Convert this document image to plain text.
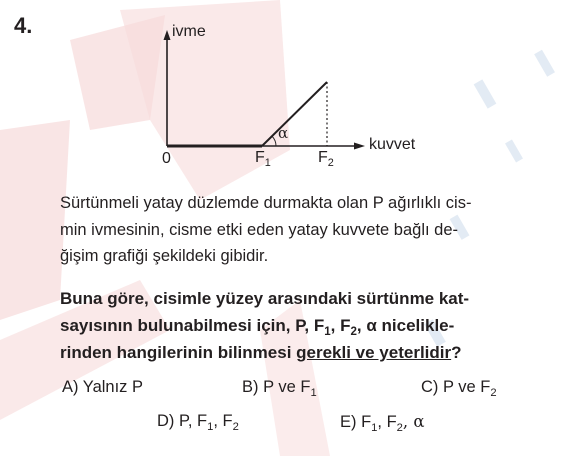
4.	ivme
kuvvet
0	$F_1$	$F_2$
α
Sürtünmeli yatay düzlemde durmakta olan P ağırlıklı cis-
min ivmesinin, cisme etki eden yatay kuvvete bağlı de-
ğişim grafiği şekildeki gibidir.
Buna göre, cisimle yüzey arasındaki sürtünme kat-
sayısının bulunabilmesi için, P, $F_1$, $F_2$, α nicelikle-
rinden hangilerinin bilinmesi gerekli ve yeterlidir?
A) Yalnız P	B) P ve $F_1$	C) P ve $F_2$
D) P, $F_1$, $F_2$	E) $F_1$, $F_2$, α
